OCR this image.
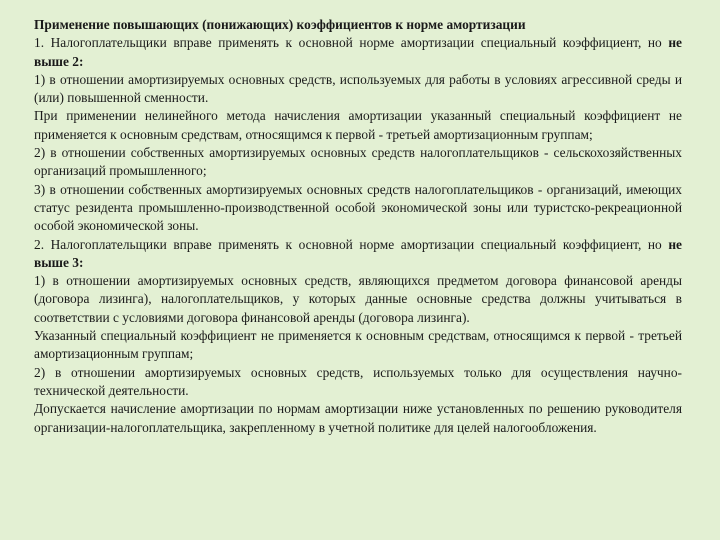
Применение повышающих (понижающих) коэффициентов к норме амортизации

1. Налогоплательщики вправе применять к основной норме амортизации специальный коэффициент, но не выше 2:

1) в отношении амортизируемых основных средств, используемых для работы в условиях агрессивной среды и (или) повышенной сменности.

При применении нелинейного метода начисления амортизации указанный специальный коэффициент не применяется к основным средствам, относящимся к первой - третьей амортизационным группам;

2) в отношении собственных амортизируемых основных средств налогоплательщиков - сельскохозяйственных организаций промышленного;

3) в отношении собственных амортизируемых основных средств налогоплательщиков - организаций, имеющих статус резидента промышленно-производственной особой экономической зоны или туристско-рекреационной особой экономической зоны.

2. Налогоплательщики вправе применять к основной норме амортизации специальный коэффициент, но не выше 3:

1) в отношении амортизируемых основных средств, являющихся предметом договора финансовой аренды (договора лизинга), налогоплательщиков, у которых данные основные средства должны учитываться в соответствии с условиями договора финансовой аренды (договора лизинга).

Указанный специальный коэффициент не применяется к основным средствам, относящимся к первой - третьей амортизационным группам;

2) в отношении амортизируемых основных средств, используемых только для осуществления научно-технической деятельности.

Допускается начисление амортизации по нормам амортизации ниже установленных по решению руководителя организации-налогоплательщика, закрепленному в учетной политике для целей налогообложения.
